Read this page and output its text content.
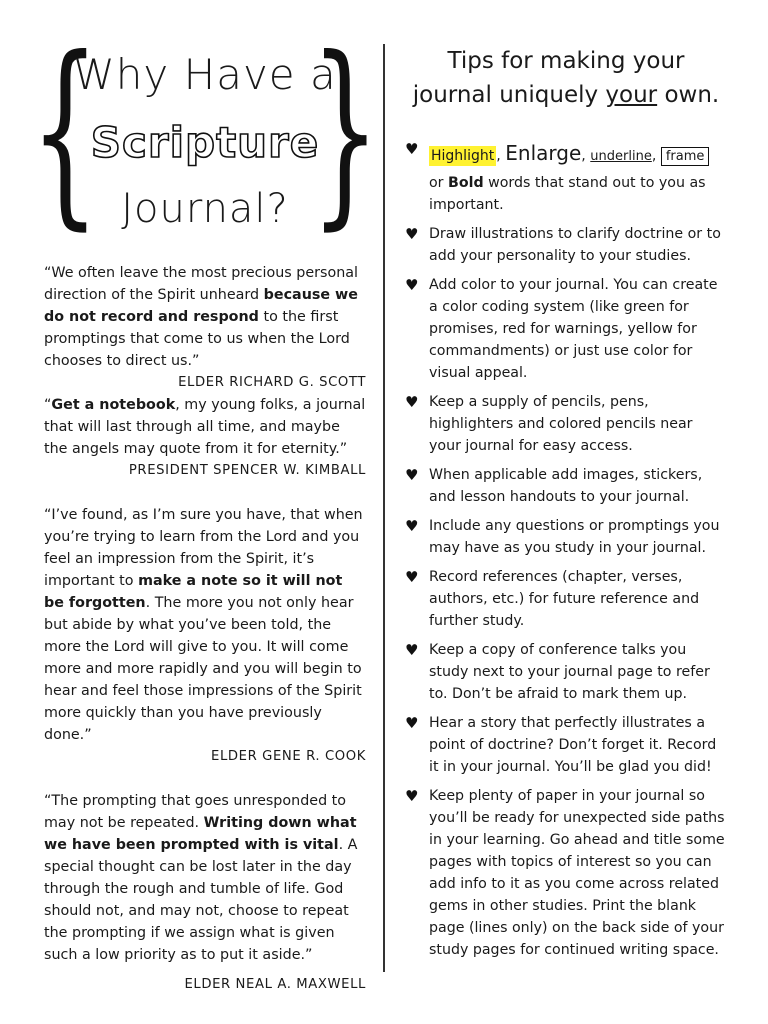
{ }
Why Have a
Scripture
Journal?
“We often leave the most precious personal direction of the Spirit unheard because we do not record and respond to the first promptings that come to us when the Lord chooses to direct us.”
ELDER RICHARD G. SCOTT
“Get a notebook, my young folks, a journal that will last through all time, and maybe the angels may quote from it for eternity.”
PRESIDENT SPENCER W. KIMBALL
“I’ve found, as I’m sure you have, that when you’re trying to learn from the Lord and you feel an impression from the Spirit, it’s important to make a note so it will not be forgotten. The more you not only hear but abide by what you’ve been told, the more the Lord will give to you. It will come more and more rapidly and you will begin to hear and feel those impressions of the Spirit more quickly than you have previously done.”
ELDER GENE R. COOK
“The prompting that goes unresponded to may not be repeated. Writing down what we have been prompted with is vital. A special thought can be lost later in the day through the rough and tumble of life. God should not, and may not, choose to repeat the prompting if we assign what is given such a low priority as to put it aside.”
ELDER NEAL A. MAXWELL
Tips for making your journal uniquely your own.
♥ Highlight , Enlarge, underline, frame
or Bold words that stand out to you as important.
♥ Draw illustrations to clarify doctrine or to add your personality to your studies.
♥ Add color to your journal. You can create a color coding system (like green for promises, red for warnings, yellow for commandments) or just use color for visual appeal.
♥ Keep a supply of pencils, pens, highlighters and colored pencils near your journal for easy access.
♥ When applicable add images, stickers, and lesson handouts to your journal.
♥ Include any questions or promptings you may have as you study in your journal.
♥ Record references (chapter, verses, authors, etc.) for future reference and further study.
♥ Keep a copy of conference talks you study next to your journal page to refer to. Don’t be afraid to mark them up.
♥ Hear a story that perfectly illustrates a point of doctrine? Don’t forget it. Record it in your journal. You’ll be glad you did!
♥ Keep plenty of paper in your journal so you’ll be ready for unexpected side paths in your learning. Go ahead and title some pages with topics of interest so you can add info to it as you come across related gems in other studies. Print the blank page (lines only) on the back side of your study pages for continued writing space.
